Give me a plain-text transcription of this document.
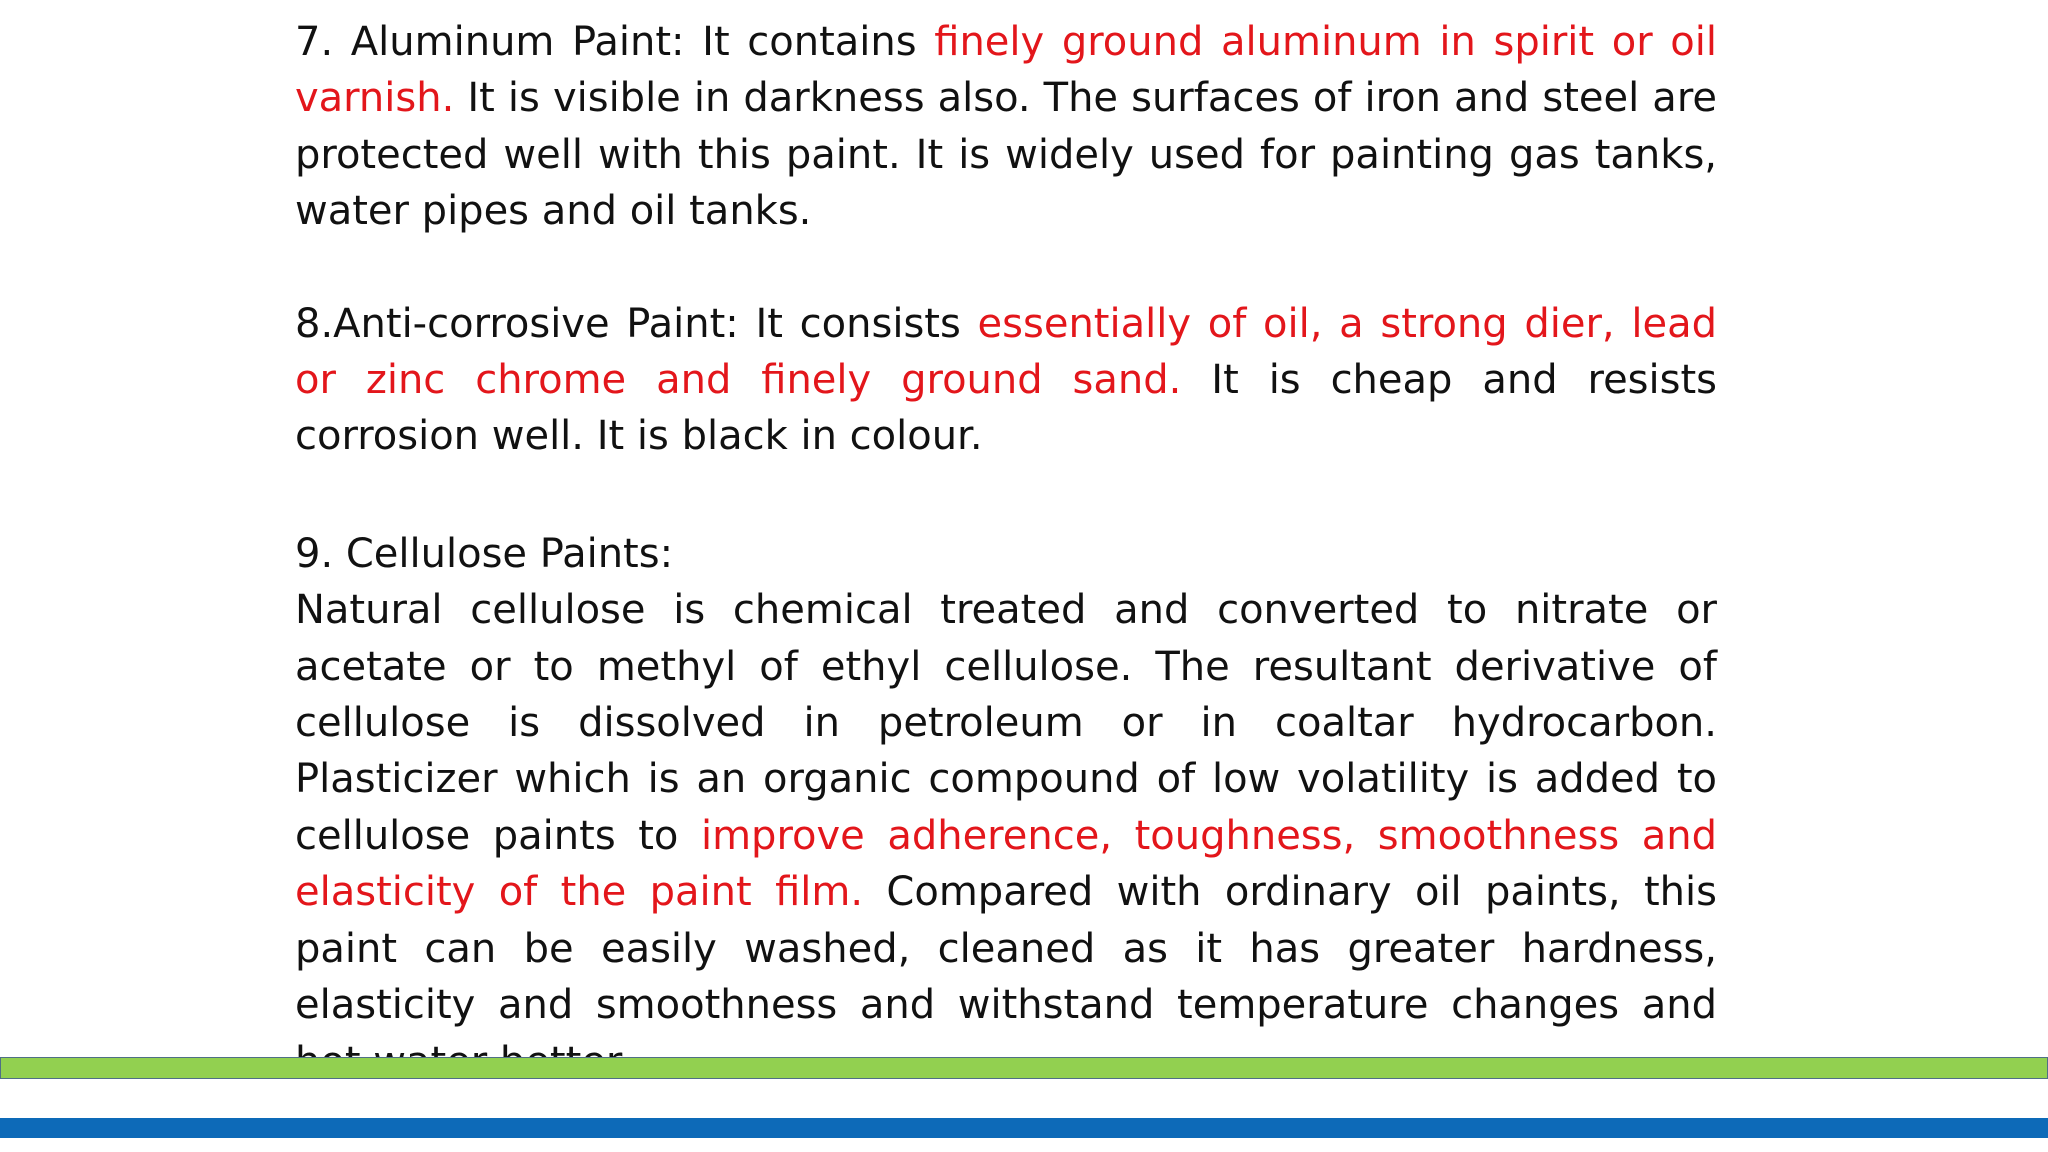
7. Aluminum Paint: It contains finely ground aluminum in spirit or oil varnish. It is visible in darkness also. The surfaces of iron and steel are protected well with this paint. It is widely used for painting gas tanks, water pipes and oil tanks.

8.Anti-corrosive Paint: It consists essentially of oil, a strong dier, lead or zinc chrome and finely ground sand. It is cheap and resists corrosion well. It is black in colour.

9. Cellulose Paints:

Natural cellulose is chemical treated and converted to nitrate or acetate or to methyl of ethyl cellulose. The resultant derivative of cellulose is dissolved in petroleum or in coaltar hydrocarbon. Plasticizer which is an organic compound of low volatility is added to cellulose paints to improve adherence, toughness, smoothness and elasticity of the paint film. Compared with ordinary oil paints, this paint can be easily washed, cleaned as it has greater hardness, elasticity and smoothness and withstand temperature changes and
